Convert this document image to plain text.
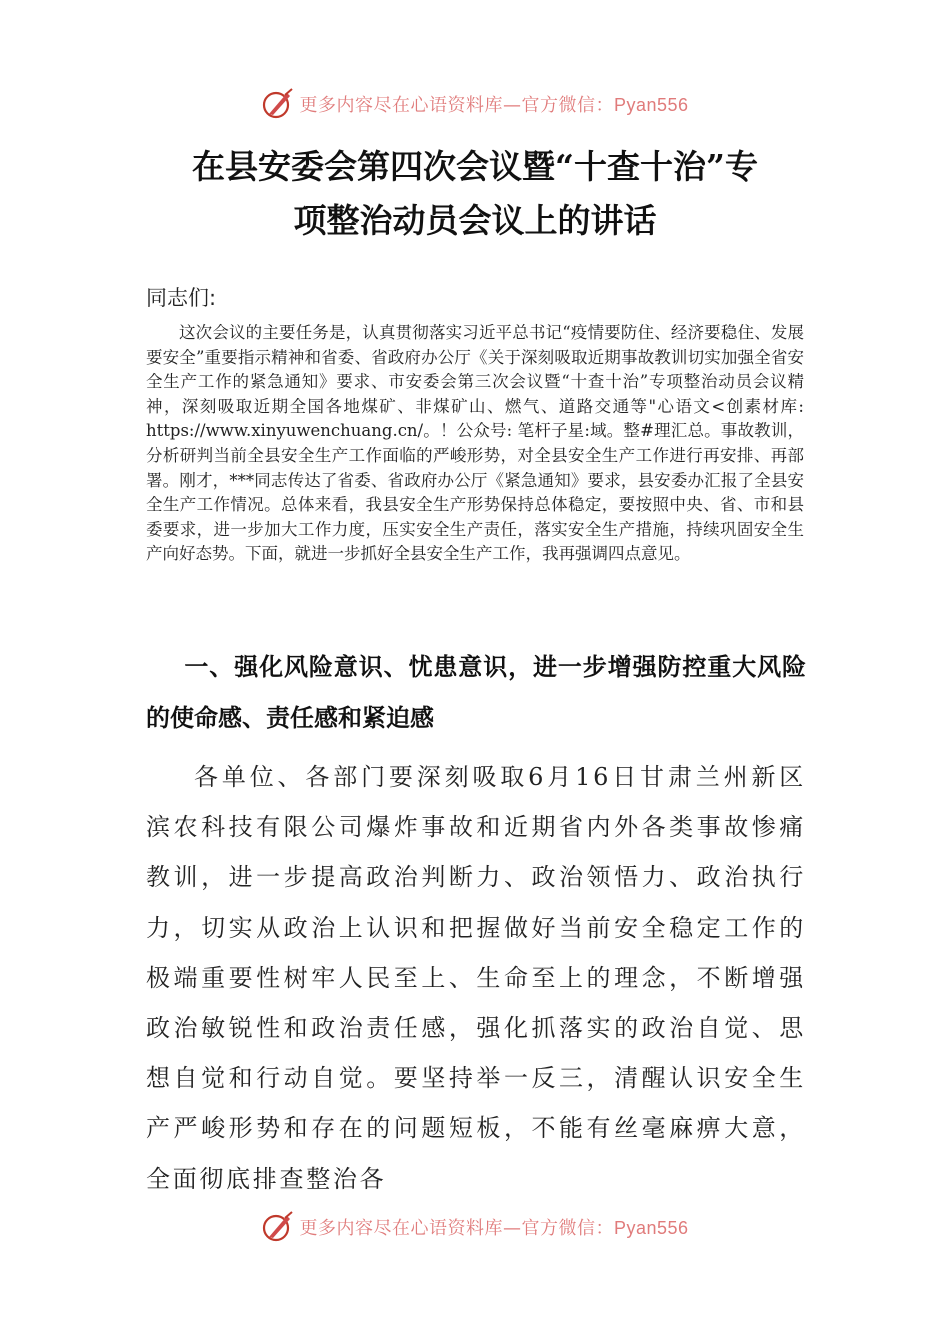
更多内容尽在心语资料库—官方微信：Pyan556
在县安委会第四次会议暨“十查十治”专
项整治动员会议上的讲话
同志们:

这次会议的主要任务是，认真贯彻落实习近平总书记“疫情要防住、经济要稳住、发展要安全”重要指示精神和省委、省政府办公厅《关于深刻吸取近期事故教训切实加强全省安全生产工作的紧急通知》要求、市安委会第三次会议暨“十查十治”专项整治动员会议精神，深刻吸取近期全国各地煤矿、非煤矿山、燃气、道路交通等"心语文<创素材库: https://www.xinyuwenchuang.cn/。！公众号: 笔杆子星:域。整#理汇总。事故教训，分析研判当前全县安全生产工作面临的严峻形势，对全县安全生产工作进行再安排、再部署。刚才，***同志传达了省委、省政府办公厅《紧急通知》要求，县安委办汇报了全县安全生产工作情况。总体来看，我县安全生产形势保持总体稳定，要按照中央、省、市和县委要求，进一步加大工作力度，压实安全生产责任，落实安全生产措施，持续巩固安全生产向好态势。下面，就进一步抓好全县安全生产工作，我再强调四点意见。

一、强化风险意识、忧患意识，进一步增强防控重大风险的使命感、责任感和紧迫感

各单位、各部门要深刻吸取6月16日甘肃兰州新区滨农科技有限公司爆炸事故和近期省内外各类事故惨痛教训，进一步提高政治判断力、政治领悟力、政治执行力，切实从政治上认识和把握做好当前安全稳定工作的极端重要性树牢人民至上、生命至上的理念，不断增强政治敏锐性和政治责任感，强化抓落实的政治自觉、思想自觉和行动自觉。要坚持举一反三，清醒认识安全生产严峻形势和存在的问题短板，不能有丝毫麻痹大意，全面彻底排查整治各

更多内容尽在心语资料库—官方微信：Pyan556
